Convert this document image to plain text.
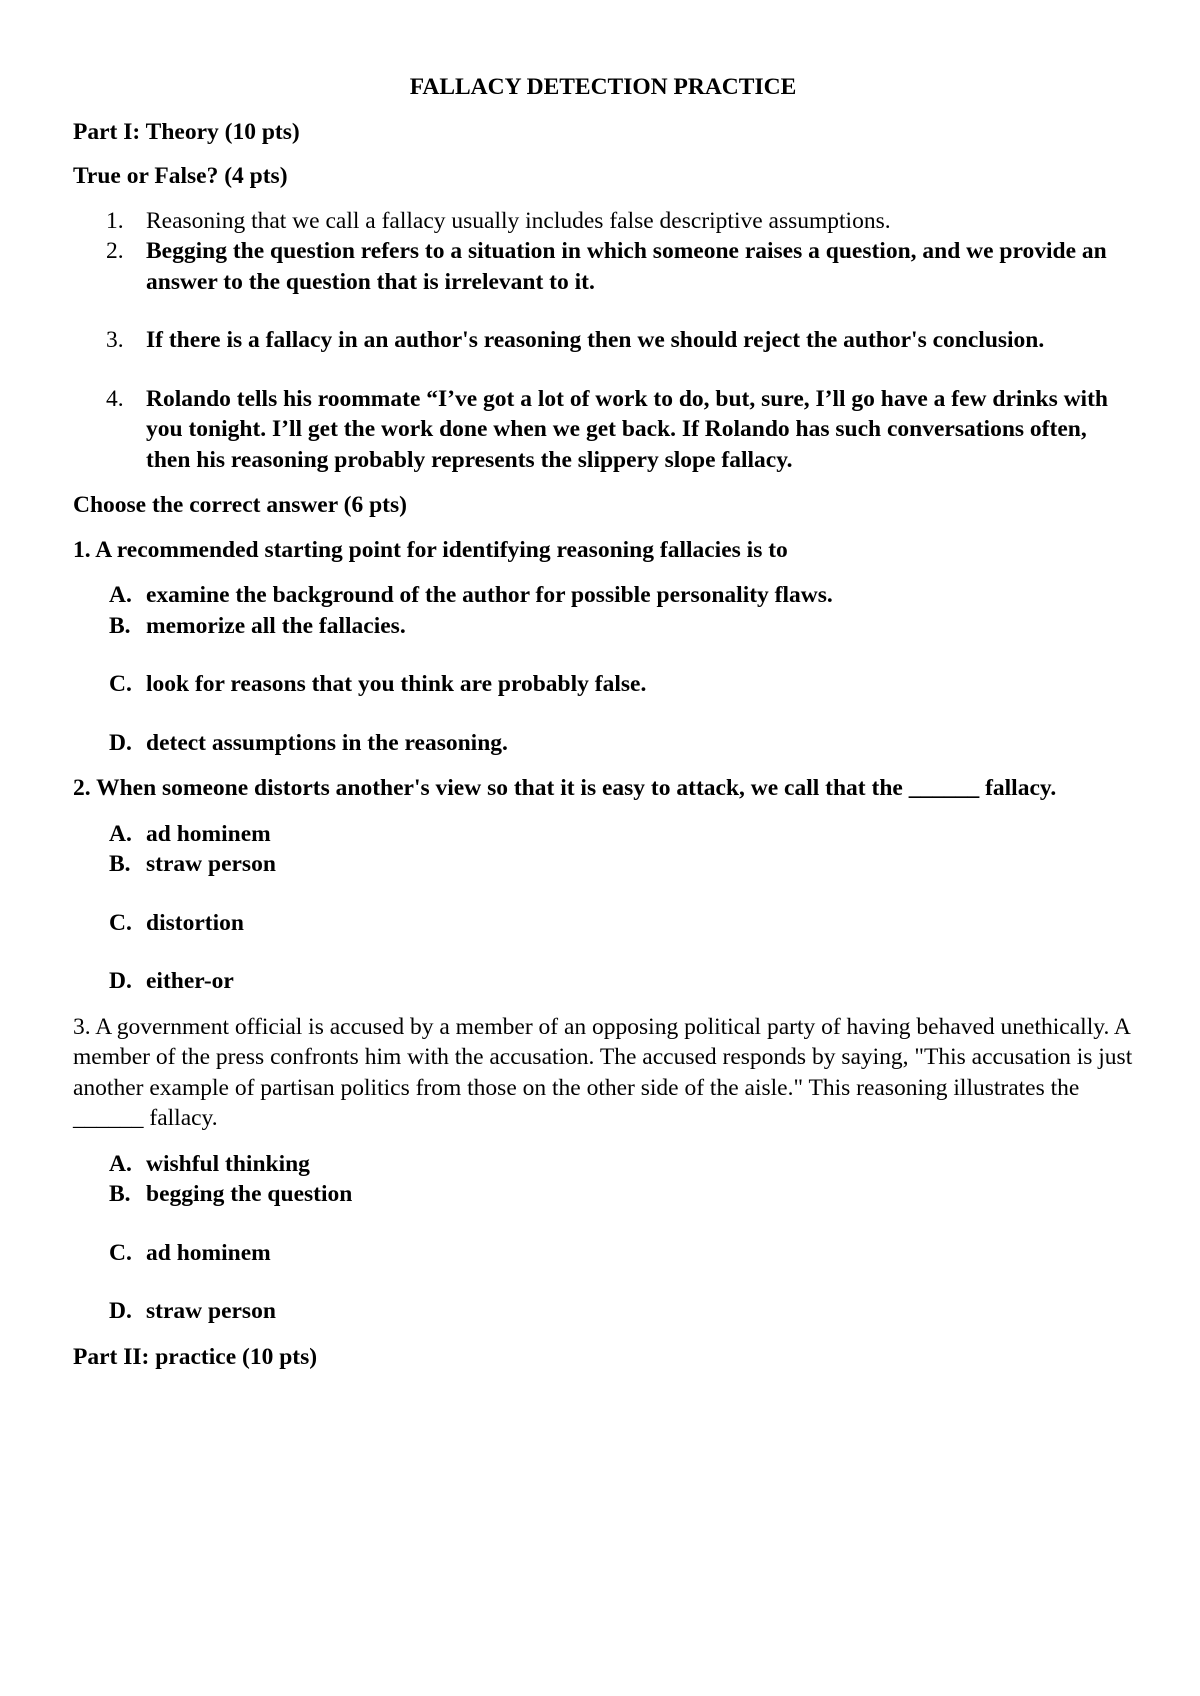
FALLACY DETECTION PRACTICE
Part I: Theory (10 pts)
True or False? (4 pts)
1. Reasoning that we call a fallacy usually includes false descriptive assumptions.
2. Begging the question refers to a situation in which someone raises a question, and we provide an answer to the question that is irrelevant to it.
3. If there is a fallacy in an author's reasoning then we should reject the author's conclusion.
4. Rolando tells his roommate “I’ve got a lot of work to do, but, sure, I’ll go have a few drinks with you tonight. I’ll get the work done when we get back. If Rolando has such conversations often, then his reasoning probably represents the slippery slope fallacy.
Choose the correct answer (6 pts)
1. A recommended starting point for identifying reasoning fallacies is to
A. examine the background of the author for possible personality flaws.
B. memorize all the fallacies.
C. look for reasons that you think are probably false.
D. detect assumptions in the reasoning.
2. When someone distorts another's view so that it is easy to attack, we call that the ______ fallacy.
A. ad hominem
B. straw person
C. distortion
D. either-or
3. A government official is accused by a member of an opposing political party of having behaved unethically. A member of the press confronts him with the accusation. The accused responds by saying, "This accusation is just another example of partisan politics from those on the other side of the aisle." This reasoning illustrates the ______ fallacy.
A. wishful thinking
B. begging the question
C. ad hominem
D. straw person
Part II: practice (10 pts)
